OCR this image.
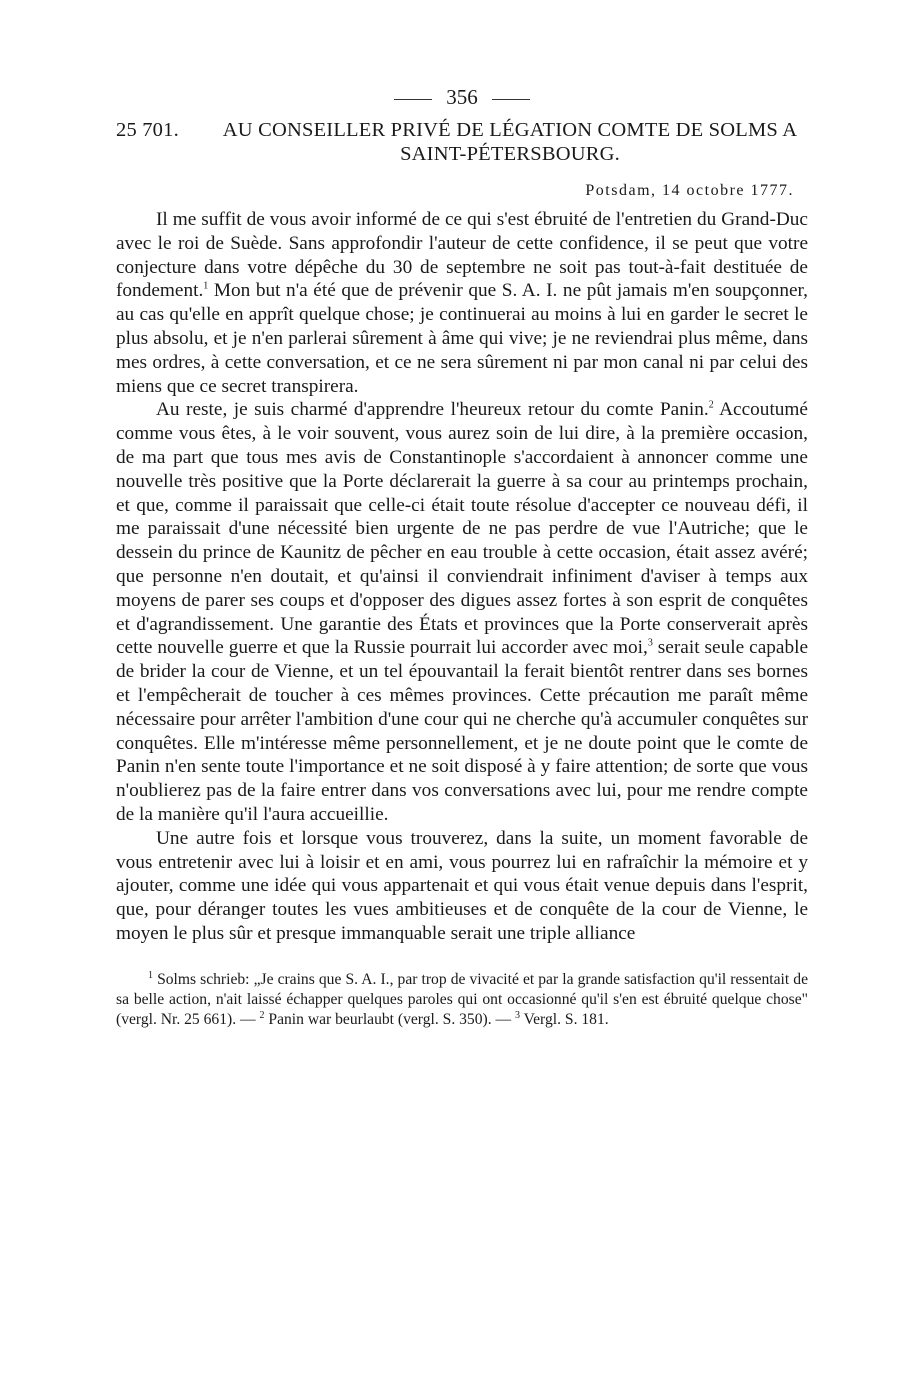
356
25 701.	AU CONSEILLER PRIVÉ DE LÉGATION COMTE DE SOLMS A SAINT-PÉTERSBOURG.
Potsdam, 14 octobre 1777.

Il me suffit de vous avoir informé de ce qui s'est ébruité de l'entretien du Grand-Duc avec le roi de Suède. Sans approfondir l'auteur de cette confidence, il se peut que votre conjecture dans votre dépêche du 30 de septembre ne soit pas tout-à-fait destituée de fondement.$^1$ Mon but n'a été que de prévenir que S. A. I. ne pût jamais m'en soupçonner, au cas qu'elle en apprît quelque chose; je continuerai au moins à lui en garder le secret le plus absolu, et je n'en parlerai sûrement à âme qui vive; je ne reviendrai plus même, dans mes ordres, à cette conversation, et ce ne sera sûrement ni par mon canal ni par celui des miens que ce secret transpirera.

Au reste, je suis charmé d'apprendre l'heureux retour du comte Panin.$^2$ Accoutumé comme vous êtes, à le voir souvent, vous aurez soin de lui dire, à la première occasion, de ma part que tous mes avis de Constantinople s'accordaient à annoncer comme une nouvelle très positive que la Porte déclarerait la guerre à sa cour au printemps prochain, et que, comme il paraissait que celle-ci était toute résolue d'accepter ce nouveau défi, il me paraissait d'une nécessité bien urgente de ne pas perdre de vue l'Autriche; que le dessein du prince de Kaunitz de pêcher en eau trouble à cette occasion, était assez avéré; que personne n'en doutait, et qu'ainsi il conviendrait infiniment d'aviser à temps aux moyens de parer ses coups et d'opposer des digues assez fortes à son esprit de conquêtes et d'agrandissement. Une garantie des États et provinces que la Porte conserverait après cette nouvelle guerre et que la Russie pourrait lui accorder avec moi,$^3$ serait seule capable de brider la cour de Vienne, et un tel épouvantail la ferait bientôt rentrer dans ses bornes et l'empêcherait de toucher à ces mêmes provinces. Cette précaution me paraît même nécessaire pour arrêter l'ambition d'une cour qui ne cherche qu'à accumuler conquêtes sur conquêtes. Elle m'intéresse même personnellement, et je ne doute point que le comte de Panin n'en sente toute l'importance et ne soit disposé à y faire attention; de sorte que vous n'oublierez pas de la faire entrer dans vos conversations avec lui, pour me rendre compte de la manière qu'il l'aura accueillie.

Une autre fois et lorsque vous trouverez, dans la suite, un moment favorable de vous entretenir avec lui à loisir et en ami, vous pourrez lui en rafraîchir la mémoire et y ajouter, comme une idée qui vous appartenait et qui vous était venue depuis dans l'esprit, que, pour déranger toutes les vues ambitieuses et de conquête de la cour de Vienne, le moyen le plus sûr et presque immanquable serait une triple alliance

$^1$ Solms schrieb: „Je crains que S. A. I., par trop de vivacité et par la grande satisfaction qu'il ressentait de sa belle action, n'ait laissé échapper quelques paroles qui ont occasionné qu'il s'en est ébruité quelque chose" (vergl. Nr. 25 661). — $^2$ Panin war beurlaubt (vergl. S. 350). — $^3$ Vergl. S. 181.
